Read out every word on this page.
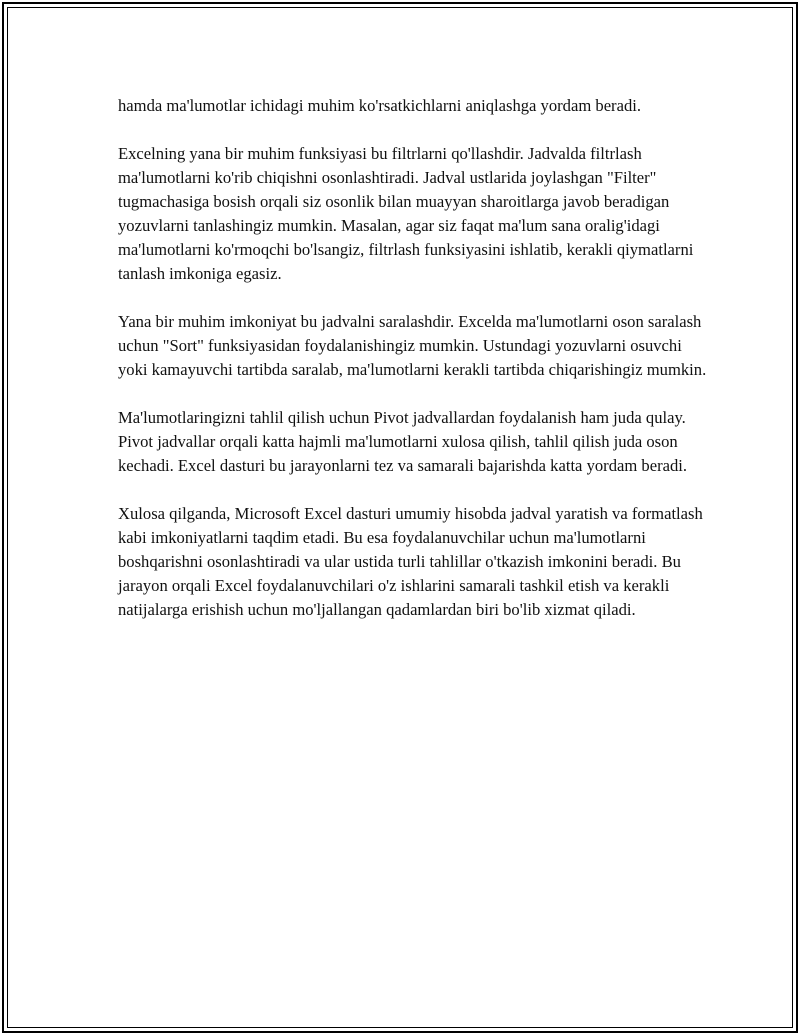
hamda ma'lumotlar ichidagi muhim ko'rsatkichlarni aniqlashga yordam beradi.

Excelning yana bir muhim funksiyasi bu filtrlarni qo'llashdir. Jadvalda filtrlash ma'lumotlarni ko'rib chiqishni osonlashtiradi. Jadval ustlarida joylashgan "Filter" tugmachasiga bosish orqali siz osonlik bilan muayyan sharoitlarga javob beradigan yozuvlarni tanlashingiz mumkin. Masalan, agar siz faqat ma'lum sana oralig'idagi ma'lumotlarni ko'rmoqchi bo'lsangiz, filtrlash funksiyasini ishlatib, kerakli qiymatlarni tanlash imkoniga egasiz.

Yana bir muhim imkoniyat bu jadvalni saralashdir. Excelda ma'lumotlarni oson saralash uchun "Sort" funksiyasidan foydalanishingiz mumkin. Ustundagi yozuvlarni osuvchi yoki kamayuvchi tartibda saralab, ma'lumotlarni kerakli tartibda chiqarishingiz mumkin.

Ma'lumotlaringizni tahlil qilish uchun Pivot jadvallardan foydalanish ham juda qulay. Pivot jadvallar orqali katta hajmli ma'lumotlarni xulosa qilish, tahlil qilish juda oson kechadi. Excel dasturi bu jarayonlarni tez va samarali bajarishda katta yordam beradi.

Xulosa qilganda, Microsoft Excel dasturi umumiy hisobda jadval yaratish va formatlash kabi imkoniyatlarni taqdim etadi. Bu esa foydalanuvchilar uchun ma'lumotlarni boshqarishni osonlashtiradi va ular ustida turli tahlillar o'tkazish imkonini beradi. Bu jarayon orqali Excel foydalanuvchilari o'z ishlarini samarali tashkil etish va kerakli natijalarga erishish uchun mo'ljallangan qadamlardan biri bo'lib xizmat qiladi.
